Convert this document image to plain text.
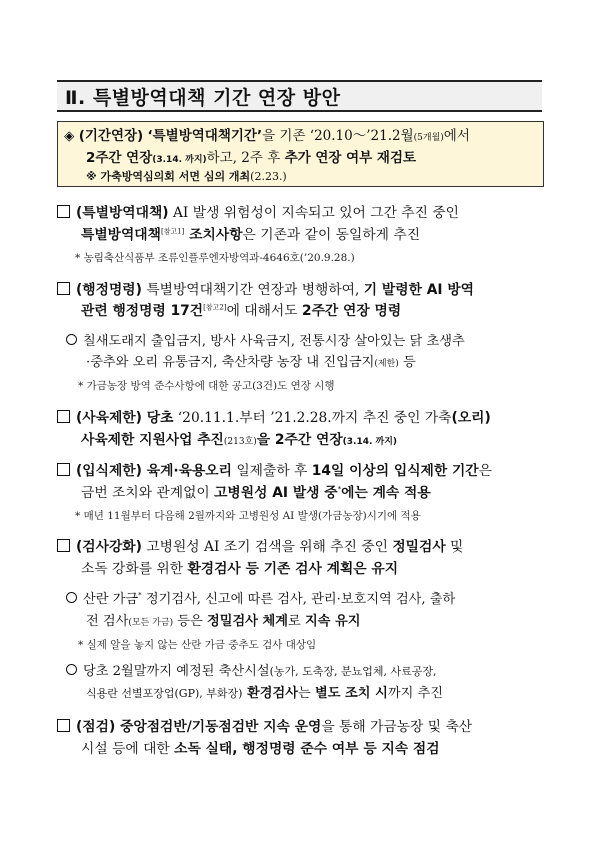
Ⅱ. 특별방역대책 기간 연장 방안
◈ (기간연장) ‘특별방역대책기간’을 기존 ‘20.10～’21.2월(5개월)에서
2주간 연장(3.14. 까지)하고, 2주 후 추가 연장 여부 재검토
※ 가축방역심의회 서면 심의 개최(2.23.)
(특별방역대책) AI 발생 위험성이 지속되고 있어 그간 추진 중인
특별방역대책[참고1] 조치사항은 기존과 같이 동일하게 추진
* 농림축산식품부 조류인플루엔자방역과-4646호(’20.9.28.)
(행정명령) 특별방역대책기간 연장과 병행하여, 기 발령한 AI 방역
관련 행정명령 17건[참고2]에 대해서도 2주간 연장 명령
칠새도래지 출입금지, 방사 사육금지, 전통시장 살아있는 닭 초생추
·중추와 오리 유통금지, 축산차량 농장 내 진입금지(제한) 등
* 가금농장 방역 준수사항에 대한 공고(3건)도 연장 시행
(사육제한) 당초 ‘20.11.1.부터 ’21.2.28.까지 추진 중인 가축(오리)
사육제한 지원사업 추진(213호)을 2주간 연장(3.14. 까지)
(입식제한) 육계·육용오리 일제출하 후 14일 이상의 입식제한 기간은
금번 조치와 관계없이 고병원성 AI 발생 중*에는 계속 적용
* 매년 11월부터 다음해 2월까지와 고병원성 AI 발생(가금농장)시기에 적용
(검사강화) 고병원성 AI 조기 검색을 위해 추진 중인 정밀검사 및
소독 강화를 위한 환경검사 등 기존 검사 계획은 유지
산란 가금* 정기검사, 신고에 따른 검사, 관리·보호지역 검사, 출하
전 검사(모든 가금) 등은 정밀검사 체계로 지속 유지
* 실제 알을 놓지 않는 산란 가금 중추도 검사 대상임
당초 2월말까지 예정된 축산시설(농가, 도축장, 분뇨업체, 사료공장,
식용란 선별포장업(GP), 부화장) 환경검사는 별도 조치 시까지 추진
(점검) 중앙점검반/기동점검반 지속 운영을 통해 가금농장 및 축산
시설 등에 대한 소독 실태, 행정명령 준수 여부 등 지속 점검
